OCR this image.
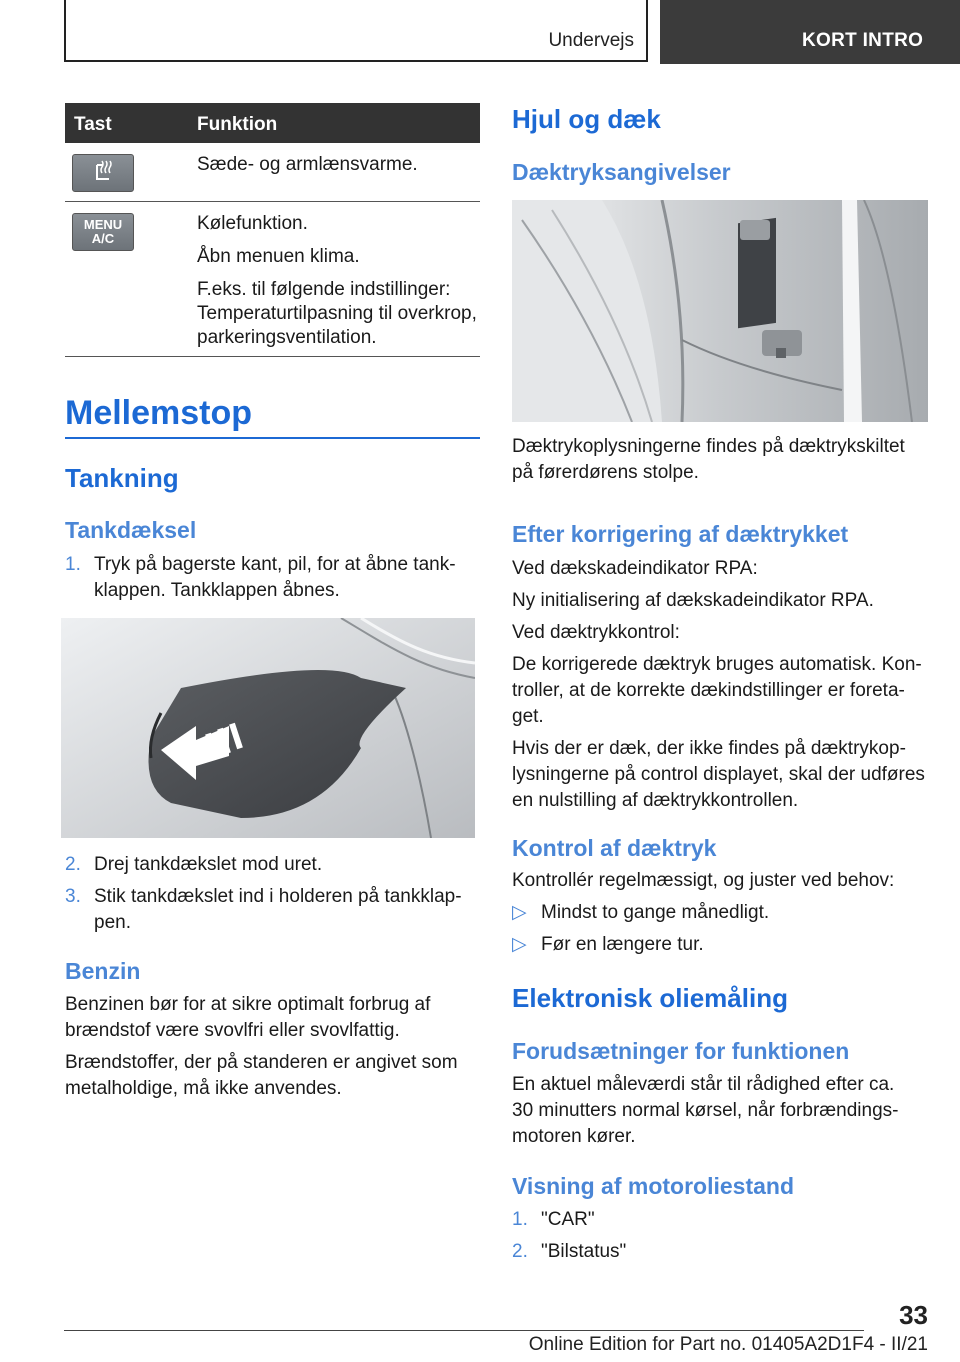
Undervejs	KORT INTRO
Tast	Funktion

Sæde- og armlænsvarme.

MENU
A/C

Kølefunktion.

Åbn menuen klima.

F.eks. til følgende indstillinger: Temperaturtilpasning til overkrop, parkeringsventilation.

Mellemstop
Tankning
Tankdæksel
1. Tryk på bagerste kant, pil, for at åbne tankklappen. Tankklappen åbnes.
2. Drej tankdækslet mod uret.
3. Stik tankdækslet ind i holderen på tankklappen.
Benzin

Benzinen bør for at sikre optimalt forbrug af brændstof være svovlfri eller svovlfattig.

Brændstoffer, der på standeren er angivet som metalholdige, må ikke anvendes.

Hjul og dæk
Dæktryksangivelser

Dæktrykoplysningerne findes på dæktrykskiltet på førerdørens stolpe.

Efter korrigering af dæktrykket

Ved dækskadeindikator RPA:

Ny initialisering af dækskadeindikator RPA.

Ved dæktrykkontrol:

De korrigerede dæktryk bruges automatisk. Kontroller, at de korrekte dækindstillinger er foretaget.

Hvis der er dæk, der ikke findes på dæktrykoplysningerne på control displayet, skal der udføres en nulstilling af dæktrykkontrollen.

Kontrol af dæktryk

Kontrollér regelmæssigt, og juster ved behov:

▷ Mindst to gange månedligt.
▷ Før en længere tur.
Elektronisk oliemåling
Forudsætninger for funktionen

En aktuel måleværdi står til rådighed efter ca. 30 minutters normal kørsel, når forbrændingsmotoren kører.

Visning af motoroliestand
1. "CAR"
2. "Bilstatus"
33
Online Edition for Part no. 01405A2D1F4 - II/21
